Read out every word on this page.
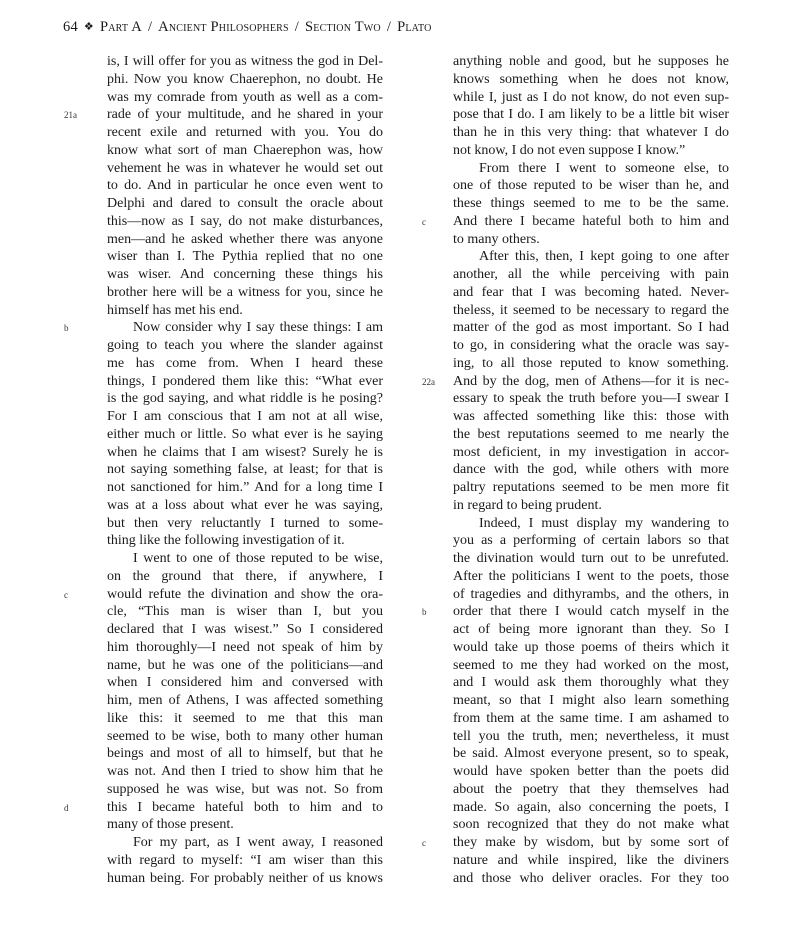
64 ❖ Part A / Ancient Philosophers / Section Two / Plato
is, I will offer for you as witness the god in Del-
phi. Now you know Chaerephon, no doubt. He
was my comrade from youth as well as a com-
rade of your multitude, and he shared in your
recent exile and returned with you. You do
know what sort of man Chaerephon was, how
vehement he was in whatever he would set out
to do. And in particular he once even went to
Delphi and dared to consult the oracle about
this—now as I say, do not make disturbances,
men—and he asked whether there was anyone
wiser than I. The Pythia replied that no one
was wiser. And concerning these things his
brother here will be a witness for you, since he
himself has met his end.
Now consider why I say these things: I am
going to teach you where the slander against
me has come from. When I heard these
things, I pondered them like this: “What ever
is the god saying, and what riddle is he posing?
For I am conscious that I am not at all wise,
either much or little. So what ever is he saying
when he claims that I am wisest? Surely he is
not saying something false, at least; for that is
not sanctioned for him.” And for a long time I
was at a loss about what ever he was saying,
but then very reluctantly I turned to some-
thing like the following investigation of it.
I went to one of those reputed to be wise,
on the ground that there, if anywhere, I
would refute the divination and show the ora-
cle, “This man is wiser than I, but you
declared that I was wisest.” So I considered
him thoroughly—I need not speak of him by
name, but he was one of the politicians—and
when I considered him and conversed with
him, men of Athens, I was affected something
like this: it seemed to me that this man
seemed to be wise, both to many other human
beings and most of all to himself, but that he
was not. And then I tried to show him that he
supposed he was wise, but was not. So from
this I became hateful both to him and to
many of those present.
For my part, as I went away, I reasoned
with regard to myself: “I am wiser than this
human being. For probably neither of us knows
anything noble and good, but he supposes he
knows something when he does not know,
while I, just as I do not know, do not even sup-
pose that I do. I am likely to be a little bit wiser
than he in this very thing: that whatever I do
not know, I do not even suppose I know.”
From there I went to someone else, to
one of those reputed to be wiser than he, and
these things seemed to me to be the same.
And there I became hateful both to him and
to many others.
After this, then, I kept going to one after
another, all the while perceiving with pain
and fear that I was becoming hated. Never-
theless, it seemed to be necessary to regard the
matter of the god as most important. So I had
to go, in considering what the oracle was say-
ing, to all those reputed to know something.
And by the dog, men of Athens—for it is nec-
essary to speak the truth before you—I swear I
was affected something like this: those with
the best reputations seemed to me nearly the
most deficient, in my investigation in accor-
dance with the god, while others with more
paltry reputations seemed to be men more fit
in regard to being prudent.
Indeed, I must display my wandering to
you as a performing of certain labors so that
the divination would turn out to be unrefuted.
After the politicians I went to the poets, those
of tragedies and dithyrambs, and the others, in
order that there I would catch myself in the
act of being more ignorant than they. So I
would take up those poems of theirs which it
seemed to me they had worked on the most,
and I would ask them thoroughly what they
meant, so that I might also learn something
from them at the same time. I am ashamed to
tell you the truth, men; nevertheless, it must
be said. Almost everyone present, so to speak,
would have spoken better than the poets did
about the poetry that they themselves had
made. So again, also concerning the poets, I
soon recognized that they do not make what
they make by wisdom, but by some sort of
nature and while inspired, like the diviners
and those who deliver oracles. For they too
21a
b
c
d
c
22a
b
c
